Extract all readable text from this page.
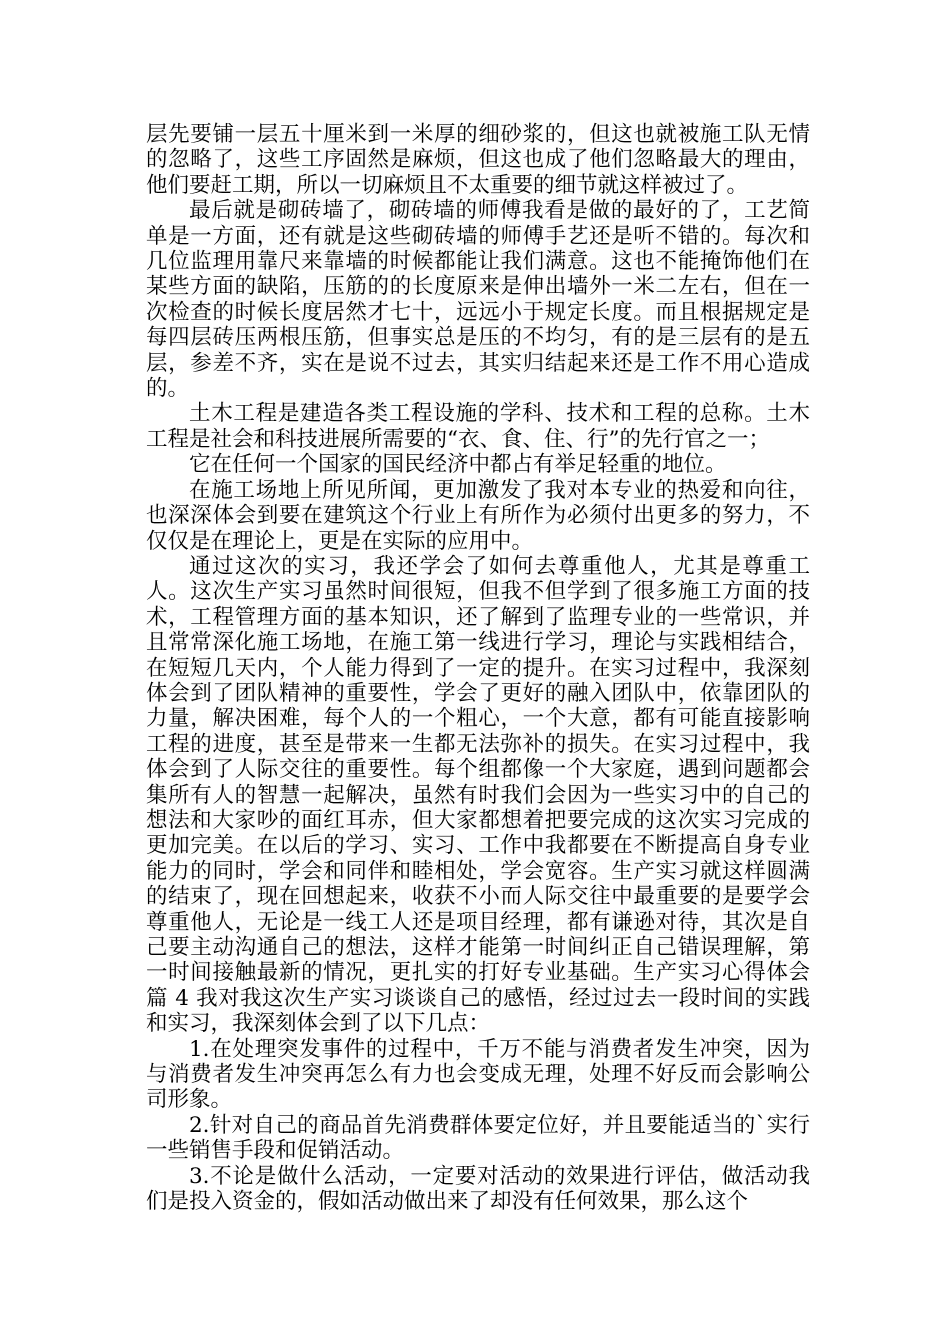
层先要铺一层五十厘米到一米厚的细砂浆的，但这也就被施工队无情的忽略了，这些工序固然是麻烦，但这也成了他们忽略最大的理由，他们要赶工期，所以一切麻烦且不太重要的细节就这样被过了。

最后就是砌砖墙了，砌砖墙的师傅我看是做的最好的了，工艺简单是一方面，还有就是这些砌砖墙的师傅手艺还是听不错的。每次和几位监理用靠尺来靠墙的时候都能让我们满意。这也不能掩饰他们在某些方面的缺陷，压筋的的长度原来是伸出墙外一米二左右，但在一次检查的时候长度居然才七十，远远小于规定长度。而且根据规定是每四层砖压两根压筋，但事实总是压的不均匀，有的是三层有的是五层，参差不齐，实在是说不过去，其实归结起来还是工作不用心造成的。

土木工程是建造各类工程设施的学科、技术和工程的总称。土木工程是社会和科技进展所需要的“衣、食、住、行”的先行官之一；

它在任何一个国家的国民经济中都占有举足轻重的地位。

在施工场地上所见所闻，更加激发了我对本专业的热爱和向往，也深深体会到要在建筑这个行业上有所作为必须付出更多的努力，不仅仅是在理论上，更是在实际的应用中。

通过这次的实习，我还学会了如何去尊重他人，尤其是尊重工人。这次生产实习虽然时间很短，但我不但学到了很多施工方面的技术，工程管理方面的基本知识，还了解到了监理专业的一些常识，并且常常深化施工场地，在施工第一线进行学习，理论与实践相结合，在短短几天内，个人能力得到了一定的提升。在实习过程中，我深刻体会到了团队精神的重要性，学会了更好的融入团队中，依靠团队的力量，解决困难，每个人的一个粗心，一个大意，都有可能直接影响工程的进度，甚至是带来一生都无法弥补的损失。在实习过程中，我体会到了人际交往的重要性。每个组都像一个大家庭，遇到问题都会集所有人的智慧一起解决，虽然有时我们会因为一些实习中的自己的想法和大家吵的面红耳赤，但大家都想着把要完成的这次实习完成的更加完美。在以后的学习、实习、工作中我都要在不断提高自身专业能力的同时，学会和同伴和睦相处，学会宽容。生产实习就这样圆满的结束了，现在回想起来，收获不小而人际交往中最重要的是要学会尊重他人，无论是一线工人还是项目经理，都有谦逊对待，其次是自己要主动沟通自己的想法，这样才能第一时间纠正自己错误理解，第一时间接触最新的情况，更扎实的打好专业基础。生产实习心得体会 篇 4 我对我这次生产实习谈谈自己的感悟，经过过去一段时间的实践和实习，我深刻体会到了以下几点：

1.在处理突发事件的过程中，千万不能与消费者发生冲突，因为与消费者发生冲突再怎么有力也会变成无理，处理不好反而会影响公司形象。

2.针对自己的商品首先消费群体要定位好，并且要能适当的`实行一些销售手段和促销活动。

3.不论是做什么活动，一定要对活动的效果进行评估，做活动我们是投入资金的，假如活动做出来了却没有任何效果，那么这个
